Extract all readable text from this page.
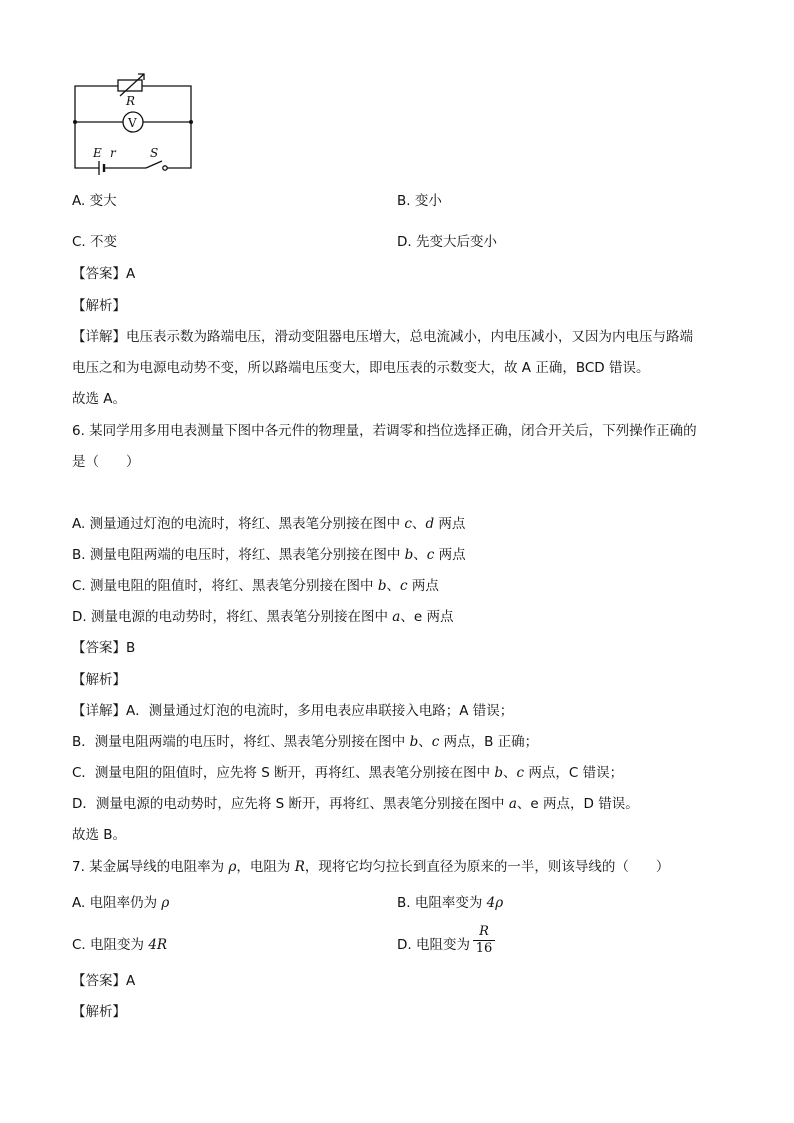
R
V
E r	S
A. 变大	B. 变小
C. 不变	D. 先变大后变小
【答案】A
【解析】
【详解】电压表示数为路端电压，滑动变阻器电压增大，总电流减小，内电压减小，又因为内电压与路端
电压之和为电源电动势不变，所以路端电压变大，即电压表的示数变大，故 A 正确，BCD 错误。
故选 A。
6. 某同学用多用电表测量下图中各元件的物理量，若调零和挡位选择正确，闭合开关后，下列操作正确的
是（　　）
A. 测量通过灯泡的电流时，将红、黑表笔分别接在图中 c、d 两点
B. 测量电阻两端的电压时，将红、黑表笔分别接在图中 b、c 两点
C. 测量电阻的阻值时，将红、黑表笔分别接在图中 b、c 两点
D. 测量电源的电动势时，将红、黑表笔分别接在图中 a、e 两点
【答案】B
【解析】
【详解】A．测量通过灯泡的电流时，多用电表应串联接入电路；A 错误；
B．测量电阻两端的电压时，将红、黑表笔分别接在图中 b、c 两点，B 正确；
C．测量电阻的阻值时，应先将 S 断开，再将红、黑表笔分别接在图中 b、c 两点，C 错误；
D．测量电源的电动势时，应先将 S 断开，再将红、黑表笔分别接在图中 a、e 两点，D 错误。
故选 B。
7. 某金属导线的电阻率为 ρ，电阻为 R，现将它均匀拉长到直径为原来的一半，则该导线的（　　）
A. 电阻率仍为 ρ	B. 电阻率变为 4ρ
C. 电阻变为 4R	D. 电阻变为
R
16
【答案】A
【解析】
